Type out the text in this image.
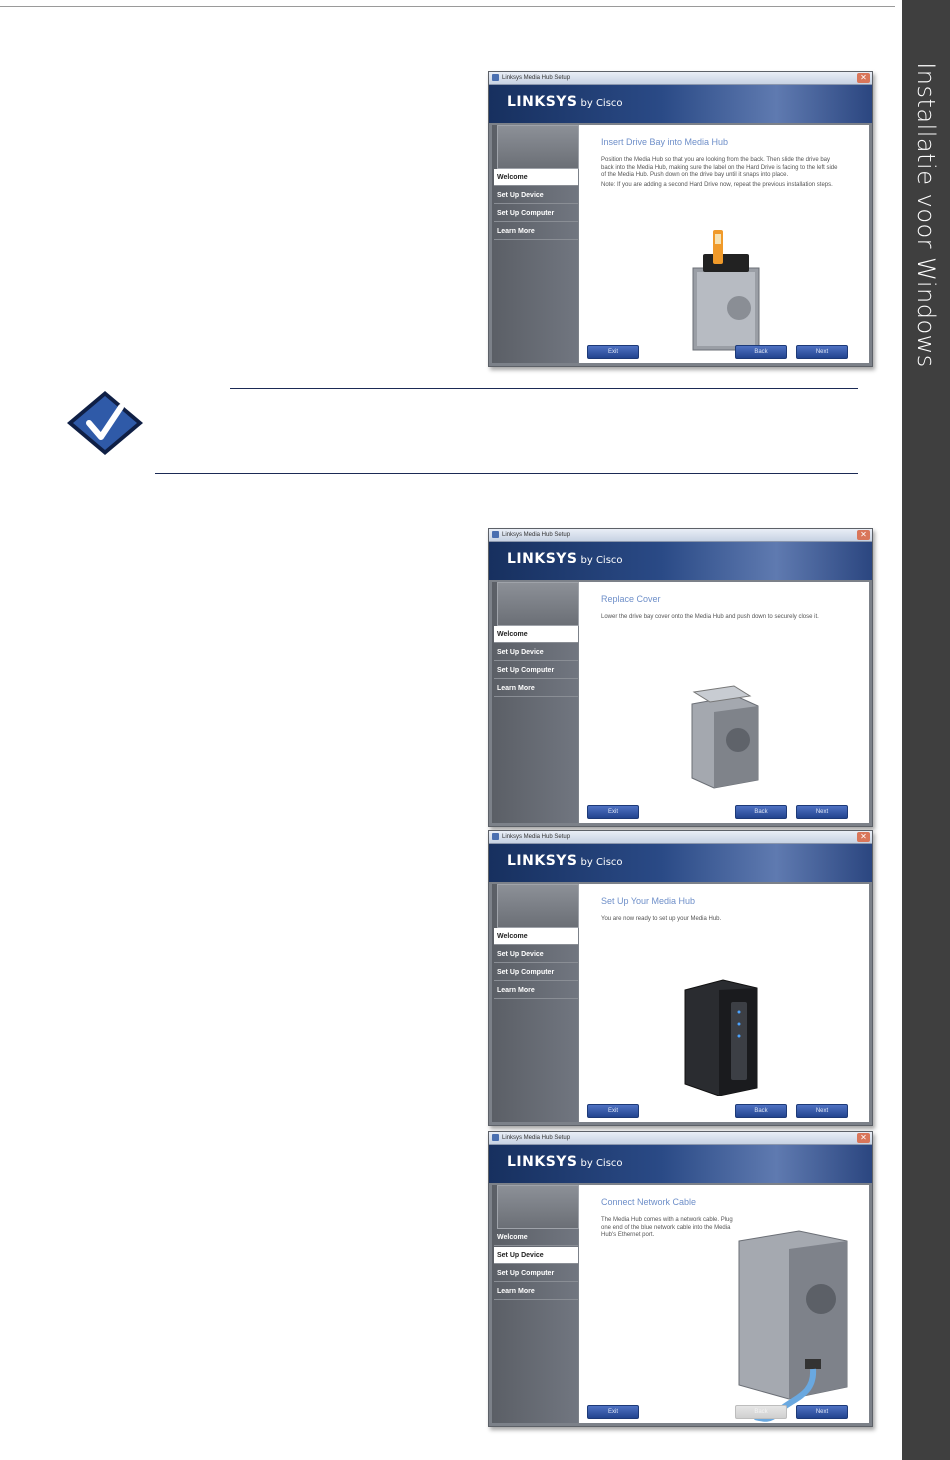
Installatie voor Windows
Linksys Media Hub Setup	✕
LINKSYS by Cisco
Welcome
Set Up Device
Set Up Computer
Learn More
Insert Drive Bay into Media Hub
Position the Media Hub so that you are looking from the back. Then slide the drive bay back into the Media Hub, making sure the label on the Hard Drive is facing to the left side of the Media Hub. Push down on the drive bay until it snaps into place.
Note: If you are adding a second Hard Drive now, repeat the previous installation steps.
Exit	Back	Next
Linksys Media Hub Setup	✕
LINKSYS by Cisco
Welcome
Set Up Device
Set Up Computer
Learn More
Replace Cover
Lower the drive bay cover onto the Media Hub and push down to securely close it.
Exit	Back	Next
Linksys Media Hub Setup	✕
LINKSYS by Cisco
Welcome
Set Up Device
Set Up Computer
Learn More
Set Up Your Media Hub
You are now ready to set up your Media Hub.
Exit	Back	Next
Linksys Media Hub Setup	✕
LINKSYS by Cisco
Welcome
Set Up Device
Set Up Computer
Learn More
Connect Network Cable
The Media Hub comes with a network cable. Plug one end of the blue network cable into the Media Hub's Ethernet port.
Exit	Back	Next
